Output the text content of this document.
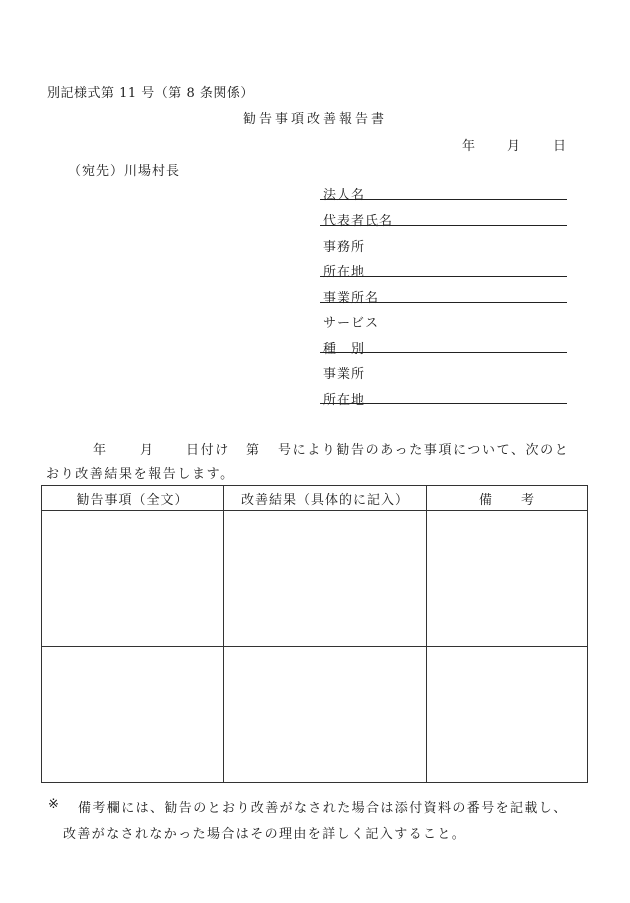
別記様式第 11 号（第 8 条関係）
勧告事項改善報告書
年 月	日
（宛先）川場村長
法人名
代表者氏名
事務所
所在地
事業所名
サービス
種　別
事業所
所在地
年 月 日付け 第 号により勧告のあった事項について、次のと
おり改善結果を報告します。
勧告事項（全文）	改善結果（具体的に記入）	備　　考

※ 備考欄には、勧告のとおり改善がなされた場合は添付資料の番号を記載し、
改善がなされなかった場合はその理由を詳しく記入すること。
